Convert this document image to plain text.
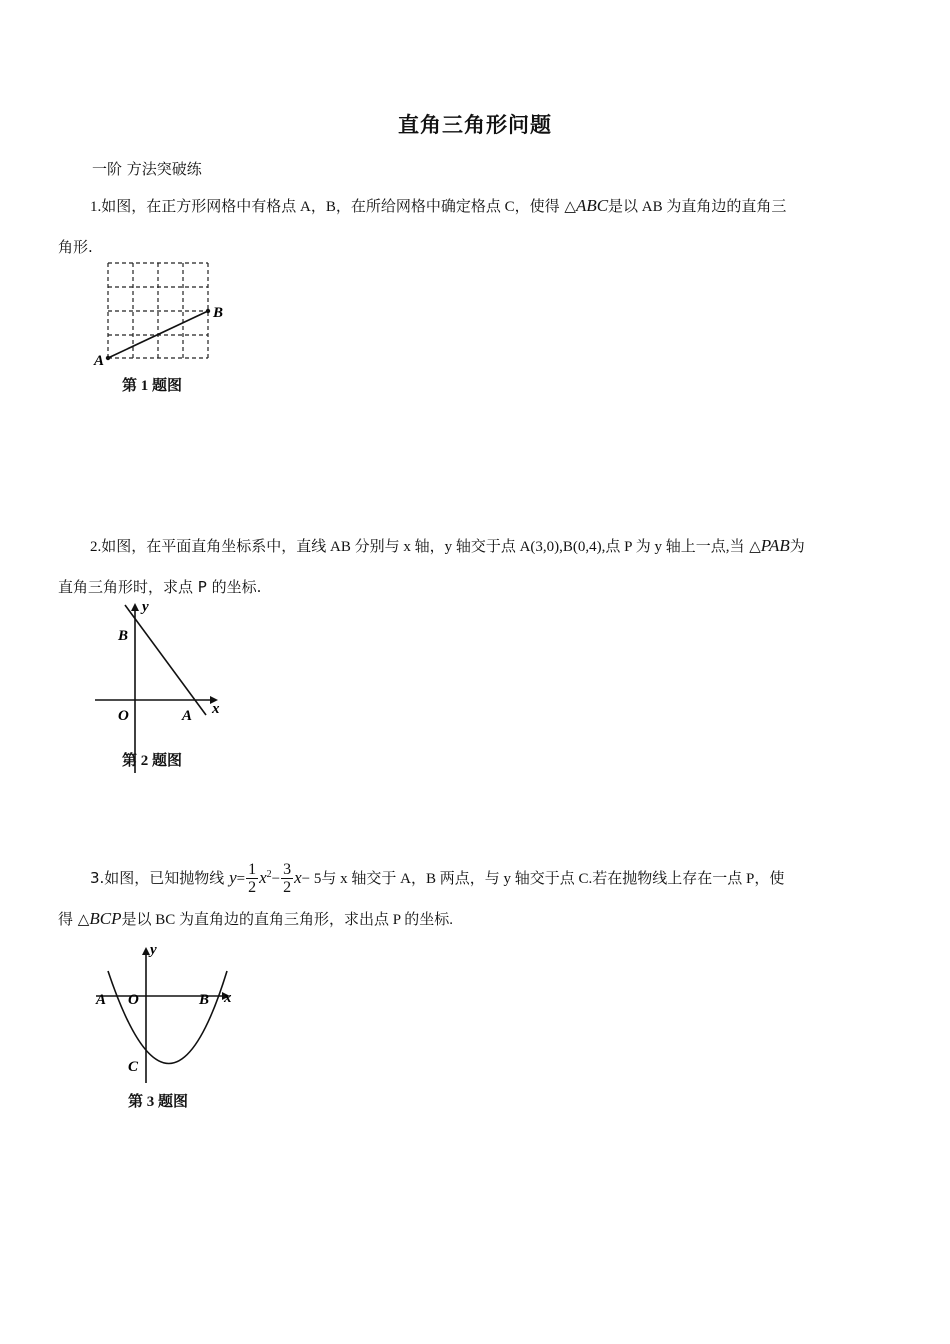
直角三角形问题
一阶 方法突破练
1.如图，在正方形网格中有格点 A，B，在所给网格中确定格点 C，使得 △ABC是以 AB 为直角边的直角三
角形.
A
B
第 1 题图
2.如图，在平面直角坐标系中，直线 AB 分别与 x 轴，y 轴交于点 A(3,0),B(0,4),点 P 为 y 轴上一点,当 △PAB为
直角三角形时，求点 P 的坐标.
y
B
O	A x
第 2 题图
3.如图，已知抛物线 $y= \frac{1}{2} x^2- \frac{3}{2} x- 5$与 x 轴交于 A，B 两点，与 y 轴交于点 C.若在抛物线上存在一点 P，使
得 △BCP是以 BC 为直角边的直角三角形，求出点 P 的坐标.
y
A O	B x
C
第 3 题图
